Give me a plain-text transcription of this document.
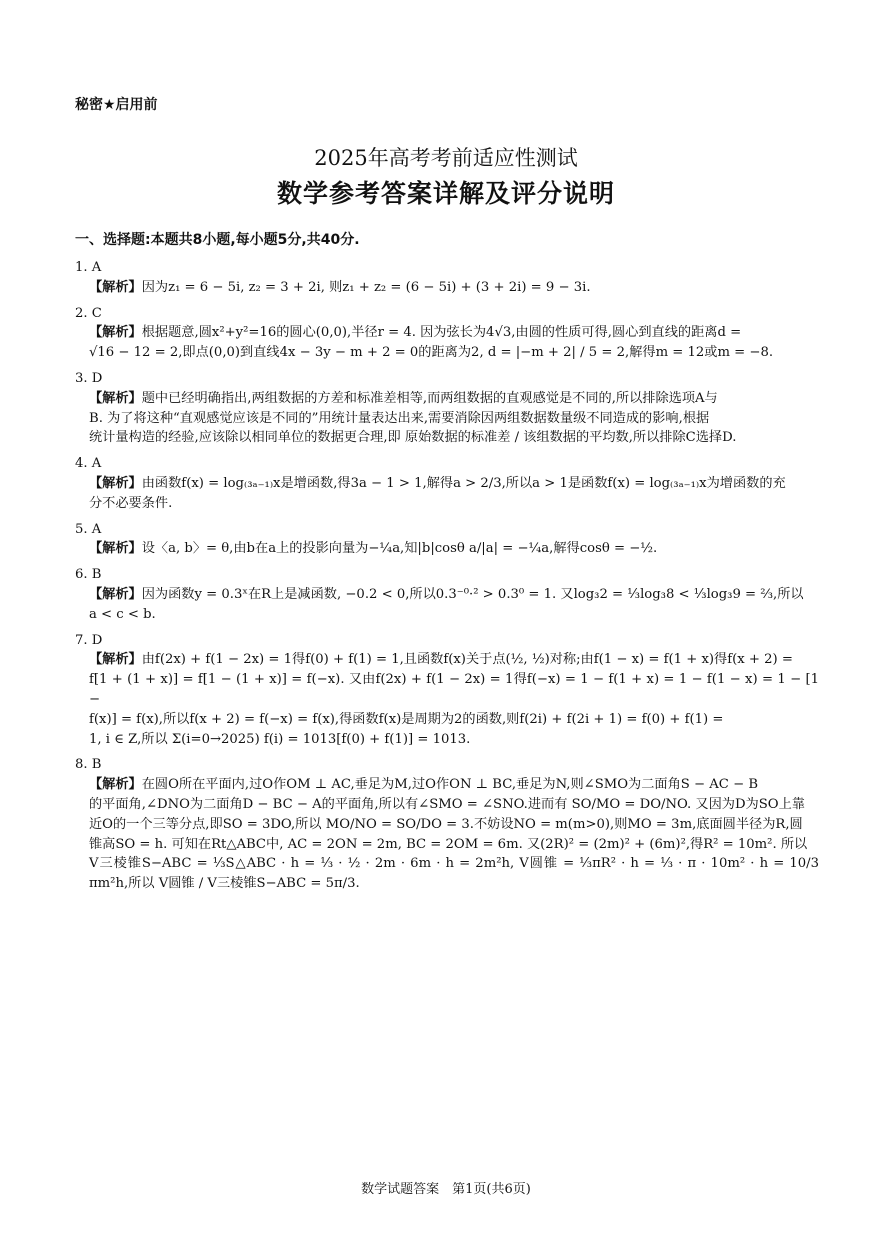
秘密★启用前
2025年高考考前适应性测试
数学参考答案详解及评分说明
一、选择题:本题共8小题,每小题5分,共40分.
1. A
【解析】因为z₁ = 6 − 5i, z₂ = 3 + 2i, 则z₁ + z₂ = (6 − 5i) + (3 + 2i) = 9 − 3i.
2. C
【解析】根据题意,圆x²+y²=16的圆心(0,0),半径r = 4. 因为弦长为4√3,由圆的性质可得,圆心到直线的距离d =
√16 − 12 = 2,即点(0,0)到直线4x − 3y − m + 2 = 0的距离为2, d = |−m + 2| / 5 = 2,解得m = 12或m = −8.
3. D
【解析】题中已经明确指出,两组数据的方差和标准差相等,而两组数据的直观感觉是不同的,所以排除选项A与
B. 为了将这种“直观感觉应该是不同的”用统计量表达出来,需要消除因两组数据数量级不同造成的影响,根据
统计量构造的经验,应该除以相同单位的数据更合理,即 原始数据的标准差 / 该组数据的平均数,所以排除C选择D.
4. A
【解析】由函数f(x) = log₍₃ₐ₋₁₎x是增函数,得3a − 1 > 1,解得a > 2/3,所以a > 1是函数f(x) = log₍₃ₐ₋₁₎x为增函数的充
分不必要条件.
5. A
【解析】设〈a, b〉= θ,由b在a上的投影向量为−¼a,知|b|cosθ a/|a| = −¼a,解得cosθ = −½.
6. B
【解析】因为函数y = 0.3ˣ在R上是减函数, −0.2 < 0,所以0.3⁻⁰·² > 0.3⁰ = 1. 又log₃2 = ⅓log₃8 < ⅓log₃9 = ⅔,所以
a < c < b.
7. D
【解析】由f(2x) + f(1 − 2x) = 1得f(0) + f(1) = 1,且函数f(x)关于点(½, ½)对称;由f(1 − x) = f(1 + x)得f(x + 2) =
f[1 + (1 + x)] = f[1 − (1 + x)] = f(−x). 又由f(2x) + f(1 − 2x) = 1得f(−x) = 1 − f(1 + x) = 1 − f(1 − x) = 1 − [1 −
f(x)] = f(x),所以f(x + 2) = f(−x) = f(x),得函数f(x)是周期为2的函数,则f(2i) + f(2i + 1) = f(0) + f(1) =
1, i ∈ Z,所以 Σ(i=0→2025) f(i) = 1013[f(0) + f(1)] = 1013.
8. B
【解析】在圆O所在平面内,过O作OM ⊥ AC,垂足为M,过O作ON ⊥ BC,垂足为N,则∠SMO为二面角S − AC − B
的平面角,∠DNO为二面角D − BC − A的平面角,所以有∠SMO = ∠SNO.进而有 SO/MO = DO/NO. 又因为D为SO上靠
近O的一个三等分点,即SO = 3DO,所以 MO/NO = SO/DO = 3.不妨设NO = m(m>0),则MO = 3m,底面圆半径为R,圆
锥高SO = h. 可知在Rt△ABC中, AC = 2ON = 2m, BC = 2OM = 6m. 又(2R)² = (2m)² + (6m)²,得R² = 10m². 所以
V三棱锥S−ABC = ⅓S△ABC · h = ⅓ · ½ · 2m · 6m · h = 2m²h, V圆锥 = ⅓πR² · h = ⅓ · π · 10m² · h = 10/3 πm²h,所以 V圆锥 / V三棱锥S−ABC = 5π/3.
数学试题答案　第1页(共6页)
